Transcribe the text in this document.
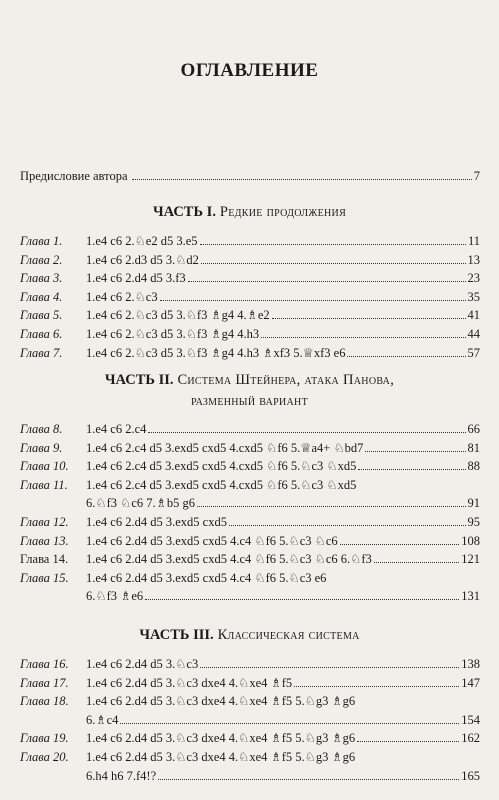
ОГЛАВЛЕНИЕ
Предисловие автора	7
ЧАСТЬ I. Редкие продолжения
Глава 1.	1.e4 c6 2.♘e2 d5 3.e5	11
Глава 2.	1.e4 c6 2.d3 d5 3.♘d2	13
Глава 3.	1.e4 c6 2.d4 d5 3.f3	23
Глава 4.	1.e4 c6 2.♘c3	35
Глава 5.	1.e4 c6 2.♘c3 d5 3.♘f3 ♗g4 4.♗e2	41
Глава 6.	1.e4 c6 2.♘c3 d5 3.♘f3 ♗g4 4.h3	44
Глава 7.	1.e4 c6 2.♘c3 d5 3.♘f3 ♗g4 4.h3 ♗xf3 5.♕xf3 e6	57
ЧАСТЬ II. Система Штейнера, атака Панова,
разменный вариант
Глава 8.	1.e4 c6 2.c4	66
Глава 9.	1.e4 c6 2.c4 d5 3.exd5 cxd5 4.cxd5 ♘f6 5.♕a4+ ♘bd7	81
Глава 10.	1.e4 c6 2.c4 d5 3.exd5 cxd5 4.cxd5 ♘f6 5.♘c3 ♘xd5	88
Глава 11.	1.e4 c6 2.c4 d5 3.exd5 cxd5 4.cxd5 ♘f6 5.♘c3 ♘xd5
6.♘f3 ♘c6 7.♗b5 g6	91
Глава 12.	1.e4 c6 2.d4 d5 3.exd5 cxd5	95
Глава 13.	1.e4 c6 2.d4 d5 3.exd5 cxd5 4.c4 ♘f6 5.♘c3 ♘c6	108
Глава 14.	1.e4 c6 2.d4 d5 3.exd5 cxd5 4.c4 ♘f6 5.♘c3 ♘c6 6.♘f3	121
Глава 15.	1.e4 c6 2.d4 d5 3.exd5 cxd5 4.c4 ♘f6 5.♘c3 e6
6.♘f3 ♗e6	131
ЧАСТЬ III. Классическая система
Глава 16.	1.e4 c6 2.d4 d5 3.♘c3	138
Глава 17.	1.e4 c6 2.d4 d5 3.♘c3 dxe4 4.♘xe4 ♗f5	147
Глава 18.	1.e4 c6 2.d4 d5 3.♘c3 dxe4 4.♘xe4 ♗f5 5.♘g3 ♗g6
6.♗c4	154
Глава 19.	1.e4 c6 2.d4 d5 3.♘c3 dxe4 4.♘xe4 ♗f5 5.♘g3 ♗g6	162
Глава 20.	1.e4 c6 2.d4 d5 3.♘c3 dxe4 4.♘xe4 ♗f5 5.♘g3 ♗g6
6.h4 h6 7.f4!?	165
